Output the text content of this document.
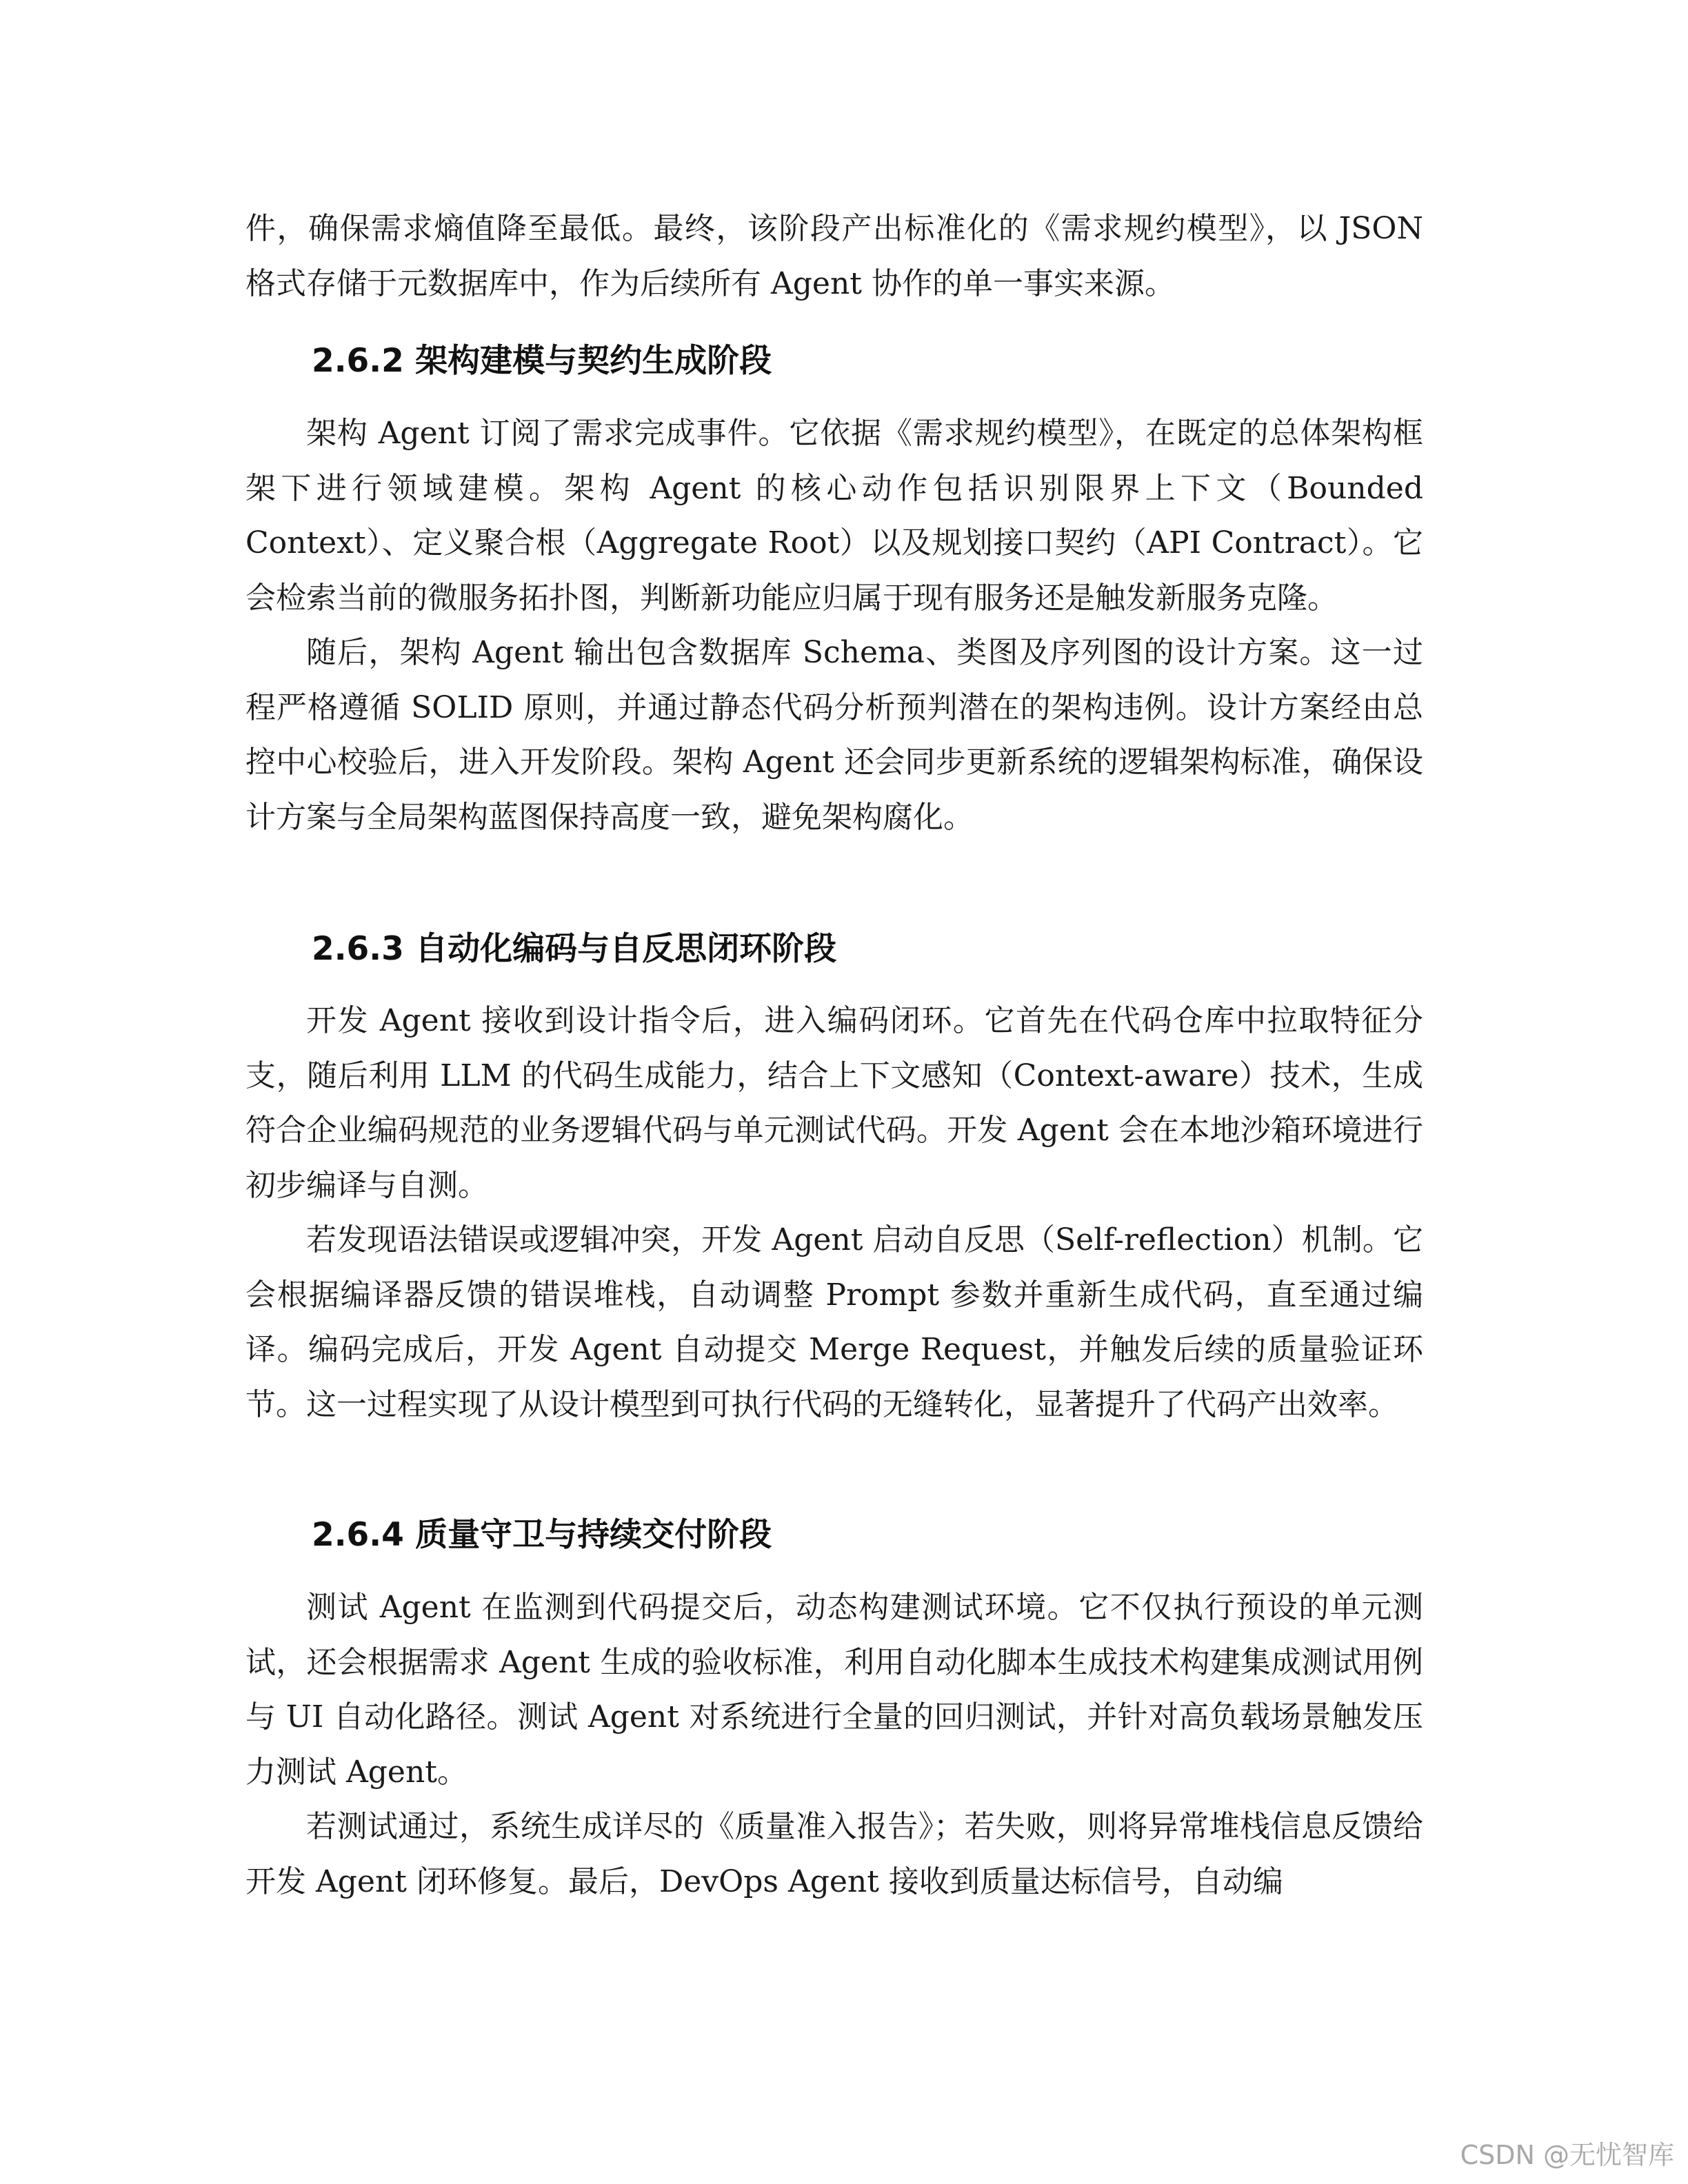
件，确保需求熵值降至最低。最终，该阶段产出标准化的《需求规约模型》，以 JSON 格式存储于元数据库中，作为后续所有 Agent 协作的单一事实来源。

2.6.2 架构建模与契约生成阶段

架构 Agent 订阅了需求完成事件。它依据《需求规约模型》，在既定的总体架构框架下进行领域建模。架构 Agent 的核心动作包括识别限界上下文（Bounded Context）、定义聚合根（Aggregate Root）以及规划接口契约（API Contract）。它会检索当前的微服务拓扑图，判断新功能应归属于现有服务还是触发新服务克隆。

随后，架构 Agent 输出包含数据库 Schema、类图及序列图的设计方案。这一过程严格遵循 SOLID 原则，并通过静态代码分析预判潜在的架构违例。设计方案经由总控中心校验后，进入开发阶段。架构 Agent 还会同步更新系统的逻辑架构标准，确保设计方案与全局架构蓝图保持高度一致，避免架构腐化。

2.6.3 自动化编码与自反思闭环阶段

开发 Agent 接收到设计指令后，进入编码闭环。它首先在代码仓库中拉取特征分支，随后利用 LLM 的代码生成能力，结合上下文感知（Context-aware）技术，生成符合企业编码规范的业务逻辑代码与单元测试代码。开发 Agent 会在本地沙箱环境进行初步编译与自测。

若发现语法错误或逻辑冲突，开发 Agent 启动自反思（Self-reflection）机制。它会根据编译器反馈的错误堆栈，自动调整 Prompt 参数并重新生成代码，直至通过编译。编码完成后，开发 Agent 自动提交 Merge Request，并触发后续的质量验证环节。这一过程实现了从设计模型到可执行代码的无缝转化，显著提升了代码产出效率。

2.6.4 质量守卫与持续交付阶段

测试 Agent 在监测到代码提交后，动态构建测试环境。它不仅执行预设的单元测试，还会根据需求 Agent 生成的验收标准，利用自动化脚本生成技术构建集成测试用例与 UI 自动化路径。测试 Agent 对系统进行全量的回归测试，并针对高负载场景触发压力测试 Agent。

若测试通过，系统生成详尽的《质量准入报告》；若失败，则将异常堆栈信息反馈给开发 Agent 闭环修复。最后，DevOps Agent 接收到质量达标信号，自动编

CSDN @无忧智库
